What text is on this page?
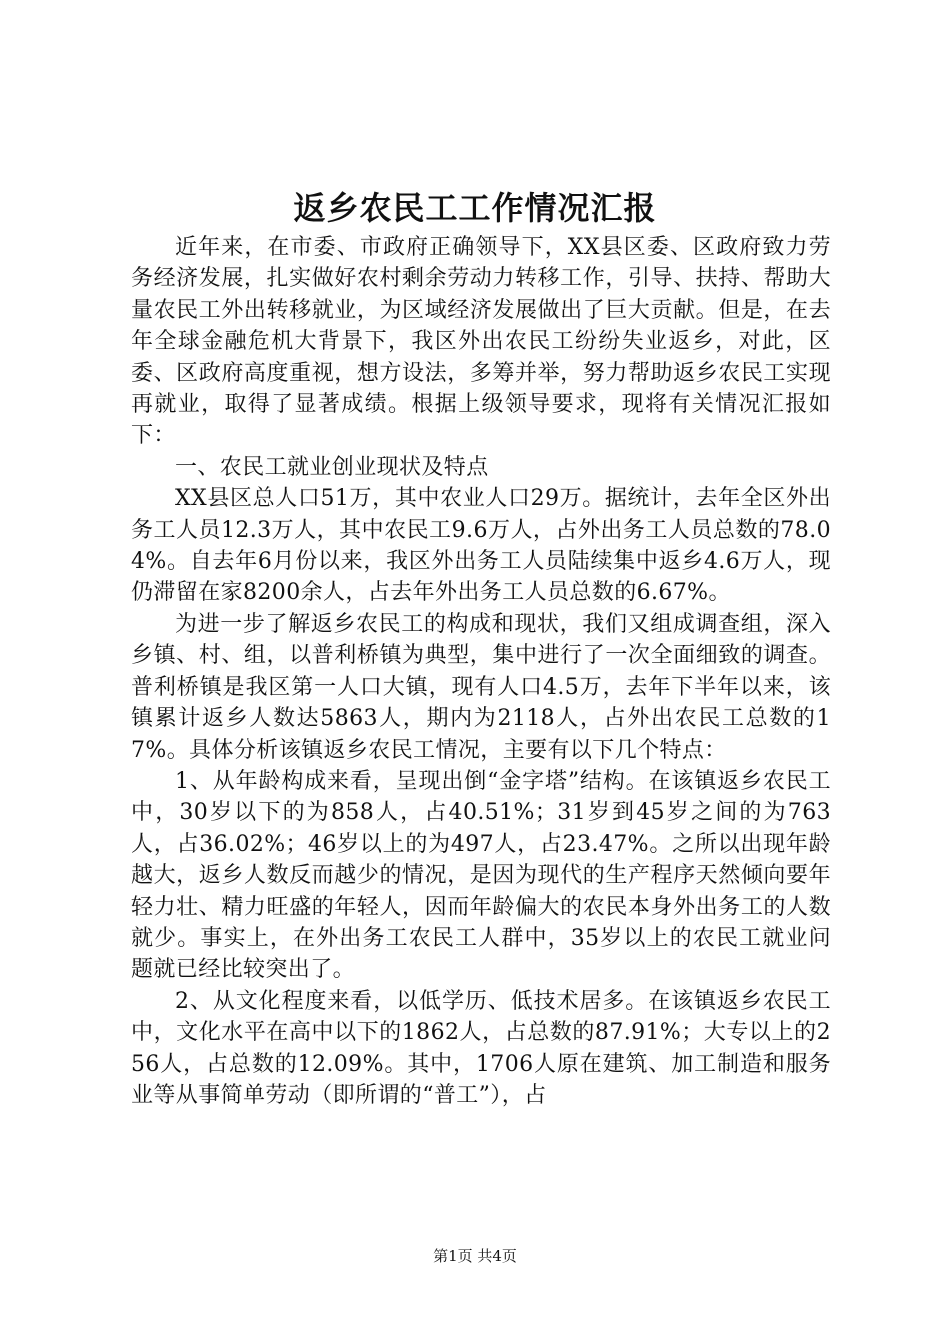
返乡农民工工作情况汇报

近年来，在市委、市政府正确领导下，XX县区委、区政府致力劳务经济发展，扎实做好农村剩余劳动力转移工作，引导、扶持、帮助大量农民工外出转移就业，为区域经济发展做出了巨大贡献。但是，在去年全球金融危机大背景下，我区外出农民工纷纷失业返乡，对此，区委、区政府高度重视，想方设法，多筹并举，努力帮助返乡农民工实现再就业，取得了显著成绩。根据上级领导要求，现将有关情况汇报如下：

一、农民工就业创业现状及特点

XX县区总人口51万，其中农业人口29万。据统计，去年全区外出务工人员12.3万人，其中农民工9.6万人，占外出务工人员总数的78.04%。自去年6月份以来，我区外出务工人员陆续集中返乡4.6万人，现仍滞留在家8200余人，占去年外出务工人员总数的6.67%。

为进一步了解返乡农民工的构成和现状，我们又组成调查组，深入乡镇、村、组，以普利桥镇为典型，集中进行了一次全面细致的调查。普利桥镇是我区第一人口大镇，现有人口4.5万，去年下半年以来，该镇累计返乡人数达5863人，期内为2118人，占外出农民工总数的17%。具体分析该镇返乡农民工情况，主要有以下几个特点：

1、从年龄构成来看，呈现出倒“金字塔”结构。在该镇返乡农民工中，30岁以下的为858人，占40.51%；31岁到45岁之间的为763人，占36.02%；46岁以上的为497人，占23.47%。之所以出现年龄越大，返乡人数反而越少的情况，是因为现代的生产程序天然倾向要年轻力壮、精力旺盛的年轻人，因而年龄偏大的农民本身外出务工的人数就少。事实上，在外出务工农民工人群中，35岁以上的农民工就业问题就已经比较突出了。

2、从文化程度来看，以低学历、低技术居多。在该镇返乡农民工中，文化水平在高中以下的1862人，占总数的87.91%；大专以上的256人，占总数的12.09%。其中，1706人原在建筑、加工制造和服务业等从事简单劳动（即所谓的“普工”），占

第1页 共4页
